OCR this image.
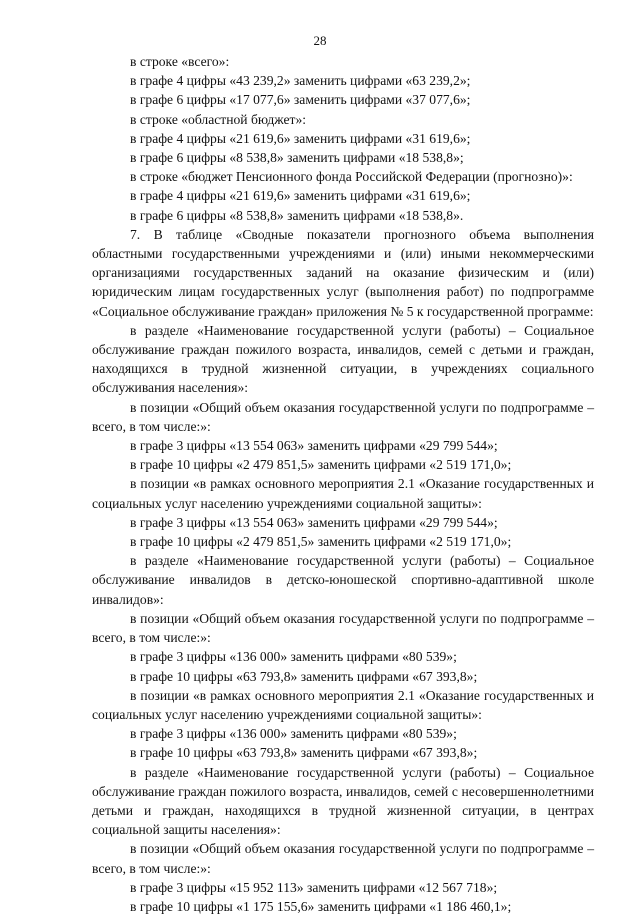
28

в строке «всего»:

в графе 4 цифры «43 239,2» заменить цифрами «63 239,2»;

в графе 6 цифры «17 077,6» заменить цифрами «37 077,6»;

в строке «областной бюджет»:

в графе 4 цифры «21 619,6» заменить цифрами «31 619,6»;

в графе 6 цифры «8 538,8» заменить цифрами «18 538,8»;

в строке «бюджет Пенсионного фонда Российской Федерации (прогнозно)»:

в графе 4 цифры «21 619,6» заменить цифрами «31 619,6»;

в графе 6 цифры «8 538,8» заменить цифрами «18 538,8».

7. В таблице «Сводные показатели прогнозного объема выполнения областными государственными учреждениями и (или) иными некоммерческими организациями государственных заданий на оказание физическим и (или) юридическим лицам государственных услуг (выполнения работ) по подпрограмме «Социальное обслуживание граждан» приложения № 5 к государственной программе:

в разделе «Наименование государственной услуги (работы) – Социальное обслуживание граждан пожилого возраста, инвалидов, семей с детьми и граждан, находящихся в трудной жизненной ситуации, в учреждениях социального обслуживания населения»:

в позиции «Общий объем оказания государственной услуги по подпрограмме – всего, в том числе:»:

в графе 3 цифры «13 554 063» заменить цифрами «29 799 544»;

в графе 10 цифры «2 479 851,5» заменить цифрами «2 519 171,0»;

в позиции «в рамках основного мероприятия 2.1 «Оказание государственных и социальных услуг населению учреждениями социальной защиты»:

в графе 3 цифры «13 554 063» заменить цифрами «29 799 544»;

в графе 10 цифры «2 479 851,5» заменить цифрами «2 519 171,0»;

в разделе «Наименование государственной услуги (работы) – Социальное обслуживание инвалидов в детско-юношеской спортивно-адаптивной школе инвалидов»:

в позиции «Общий объем оказания государственной услуги по подпрограмме – всего, в том числе:»:

в графе 3 цифры «136 000» заменить цифрами «80 539»;

в графе 10 цифры «63 793,8» заменить цифрами «67 393,8»;

в позиции «в рамках основного мероприятия 2.1 «Оказание государственных и социальных услуг населению учреждениями социальной защиты»:

в графе 3 цифры «136 000» заменить цифрами «80 539»;

в графе 10 цифры «63 793,8» заменить цифрами «67 393,8»;

в разделе «Наименование государственной услуги (работы) – Социальное обслуживание граждан пожилого возраста, инвалидов, семей с несовершеннолетними детьми и граждан, находящихся в трудной жизненной ситуации, в центрах социальной защиты населения»:

в позиции «Общий объем оказания государственной услуги по подпрограмме – всего, в том числе:»:

в графе 3 цифры «15 952 113» заменить цифрами «12 567 718»;

в графе 10 цифры «1 175 155,6» заменить цифрами «1 186 460,1»;
